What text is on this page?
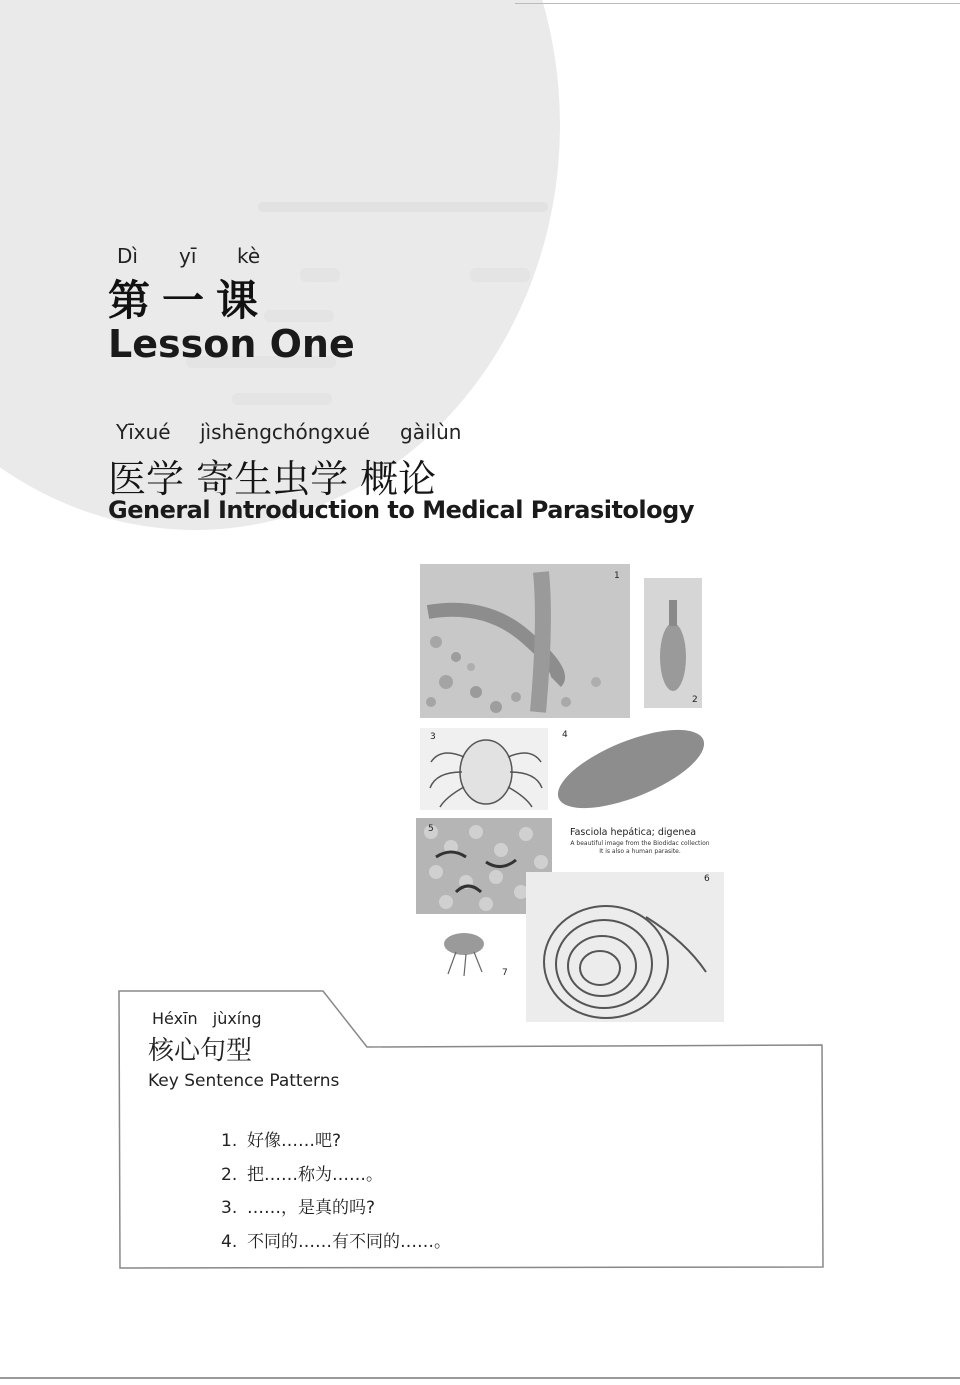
Dì yī kè
第一课
Lesson One
Yīxué jìshēngchóngxué gàilùn
医学 寄生虫学 概论
General Introduction to Medical Parasitology
1
2
3	4
5
6
7
Fasciola hepática; digenea
A beautiful image from the Biodidac collection
It is also a human parasite.
Héxīn jùxíng
核心句型
Key Sentence Patterns
1. 好像……吧?
2. 把……称为……。
3. ……，是真的吗?
4. 不同的……有不同的……。
